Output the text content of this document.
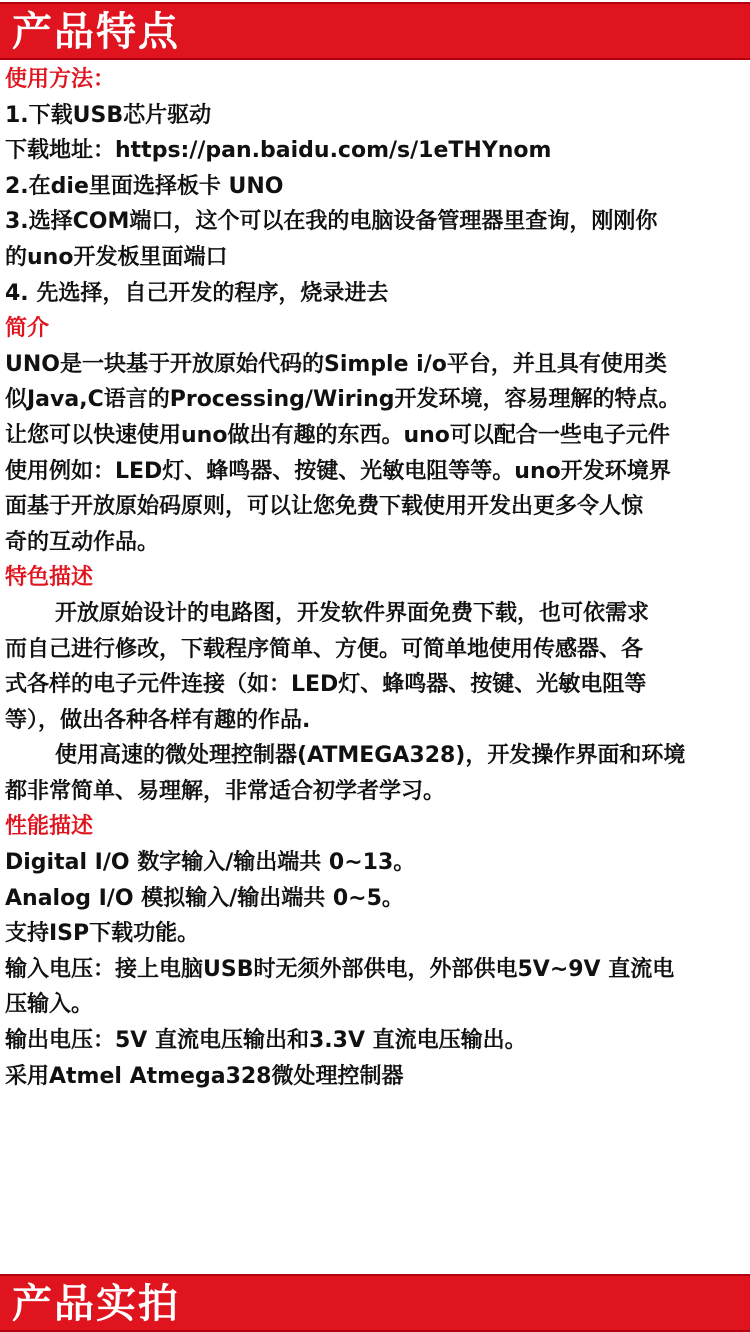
产品特点
使用方法：
1.下载USB芯片驱动
下载地址：https://pan.baidu.com/s/1eTHYnom
2.在die里面选择板卡 UNO
3.选择COM端口，这个可以在我的电脑设备管理器里查询，刚刚你
的uno开发板里面端口
4. 先选择，自己开发的程序，烧录进去
简介
UNO是一块基于开放原始代码的Simple i/o平台，并且具有使用类
似Java,C语言的Processing/Wiring开发环境，容易理解的特点。
让您可以快速使用uno做出有趣的东西。uno可以配合一些电子元件
使用例如：LED灯、蜂鸣器、按键、光敏电阻等等。uno开发环境界
面基于开放原始码原则，可以让您免费下载使用开发出更多令人惊
奇的互动作品。
特色描述
开放原始设计的电路图，开发软件界面免费下载，也可依需求
而自己进行修改，下载程序简单、方便。可简单地使用传感器、各
式各样的电子元件连接（如：LED灯、蜂鸣器、按键、光敏电阻等
等），做出各种各样有趣的作品.
使用高速的微处理控制器(ATMEGA328)，开发操作界面和环境
都非常简单、易理解，非常适合初学者学习。
性能描述
Digital I/O 数字输入/输出端共 0~13。
Analog I/O 模拟输入/输出端共 0~5。
支持ISP下载功能。
输入电压：接上电脑USB时无须外部供电，外部供电5V~9V 直流电
压输入。
输出电压：5V 直流电压输出和3.3V 直流电压输出。
采用Atmel Atmega328微处理控制器
产品实拍
